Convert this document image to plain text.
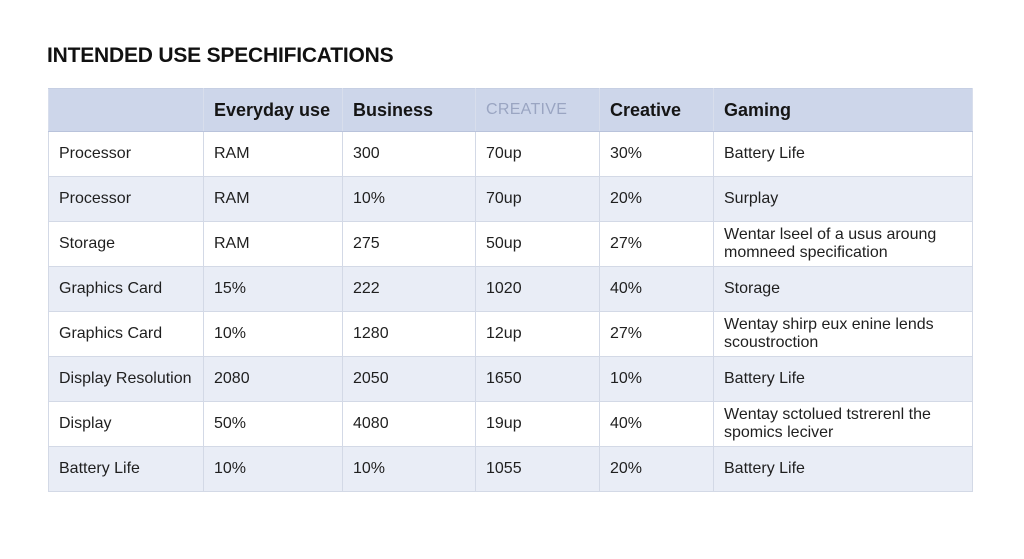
INTENDED USE SPECHIFICATIONS
	Everyday use	Business	CREATIVE	Creative	Gaming
Processor	RAM	300	70up	30%	Battery Life
Processor	RAM	10%	70up	20%	Surplay
Storage	RAM	275	50up	27%	Wentar lseel of a usus aroung momneed specification
Graphics Card	15%	222	1020	40%	Storage
Graphics Card	10%	1280	12up	27%	Wentay shirp eux enine lends scoustroction
Display Resolution	2080	2050	1650	10%	Battery Life
Display	50%	4080	19up	40%	Wentay sctolued tstrerenl the spomics leciver
Battery Life	10%	10%	1055	20%	Battery Life
